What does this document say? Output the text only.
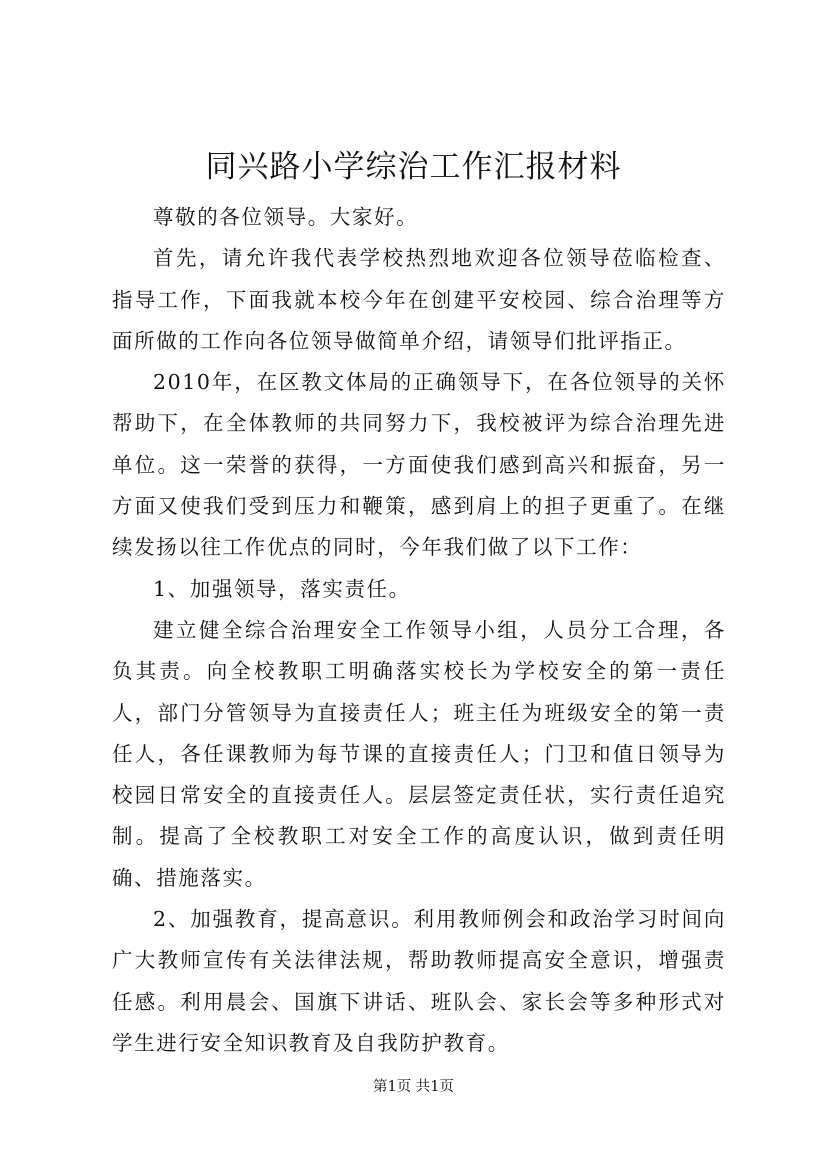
同兴路小学综治工作汇报材料

尊敬的各位领导。大家好。

首先，请允许我代表学校热烈地欢迎各位领导莅临检查、指导工作，下面我就本校今年在创建平安校园、综合治理等方面所做的工作向各位领导做简单介绍，请领导们批评指正。

2010年，在区教文体局的正确领导下，在各位领导的关怀帮助下，在全体教师的共同努力下，我校被评为综合治理先进单位。这一荣誉的获得，一方面使我们感到高兴和振奋，另一方面又使我们受到压力和鞭策，感到肩上的担子更重了。在继续发扬以往工作优点的同时，今年我们做了以下工作：

1、加强领导，落实责任。

建立健全综合治理安全工作领导小组，人员分工合理，各负其责。向全校教职工明确落实校长为学校安全的第一责任人，部门分管领导为直接责任人；班主任为班级安全的第一责任人，各任课教师为每节课的直接责任人；门卫和值日领导为校园日常安全的直接责任人。层层签定责任状，实行责任追究制。提高了全校教职工对安全工作的高度认识，做到责任明确、措施落实。

2、加强教育，提高意识。利用教师例会和政治学习时间向广大教师宣传有关法律法规，帮助教师提高安全意识，增强责任感。利用晨会、国旗下讲话、班队会、家长会等多种形式对学生进行安全知识教育及自我防护教育。

第1页 共1页
